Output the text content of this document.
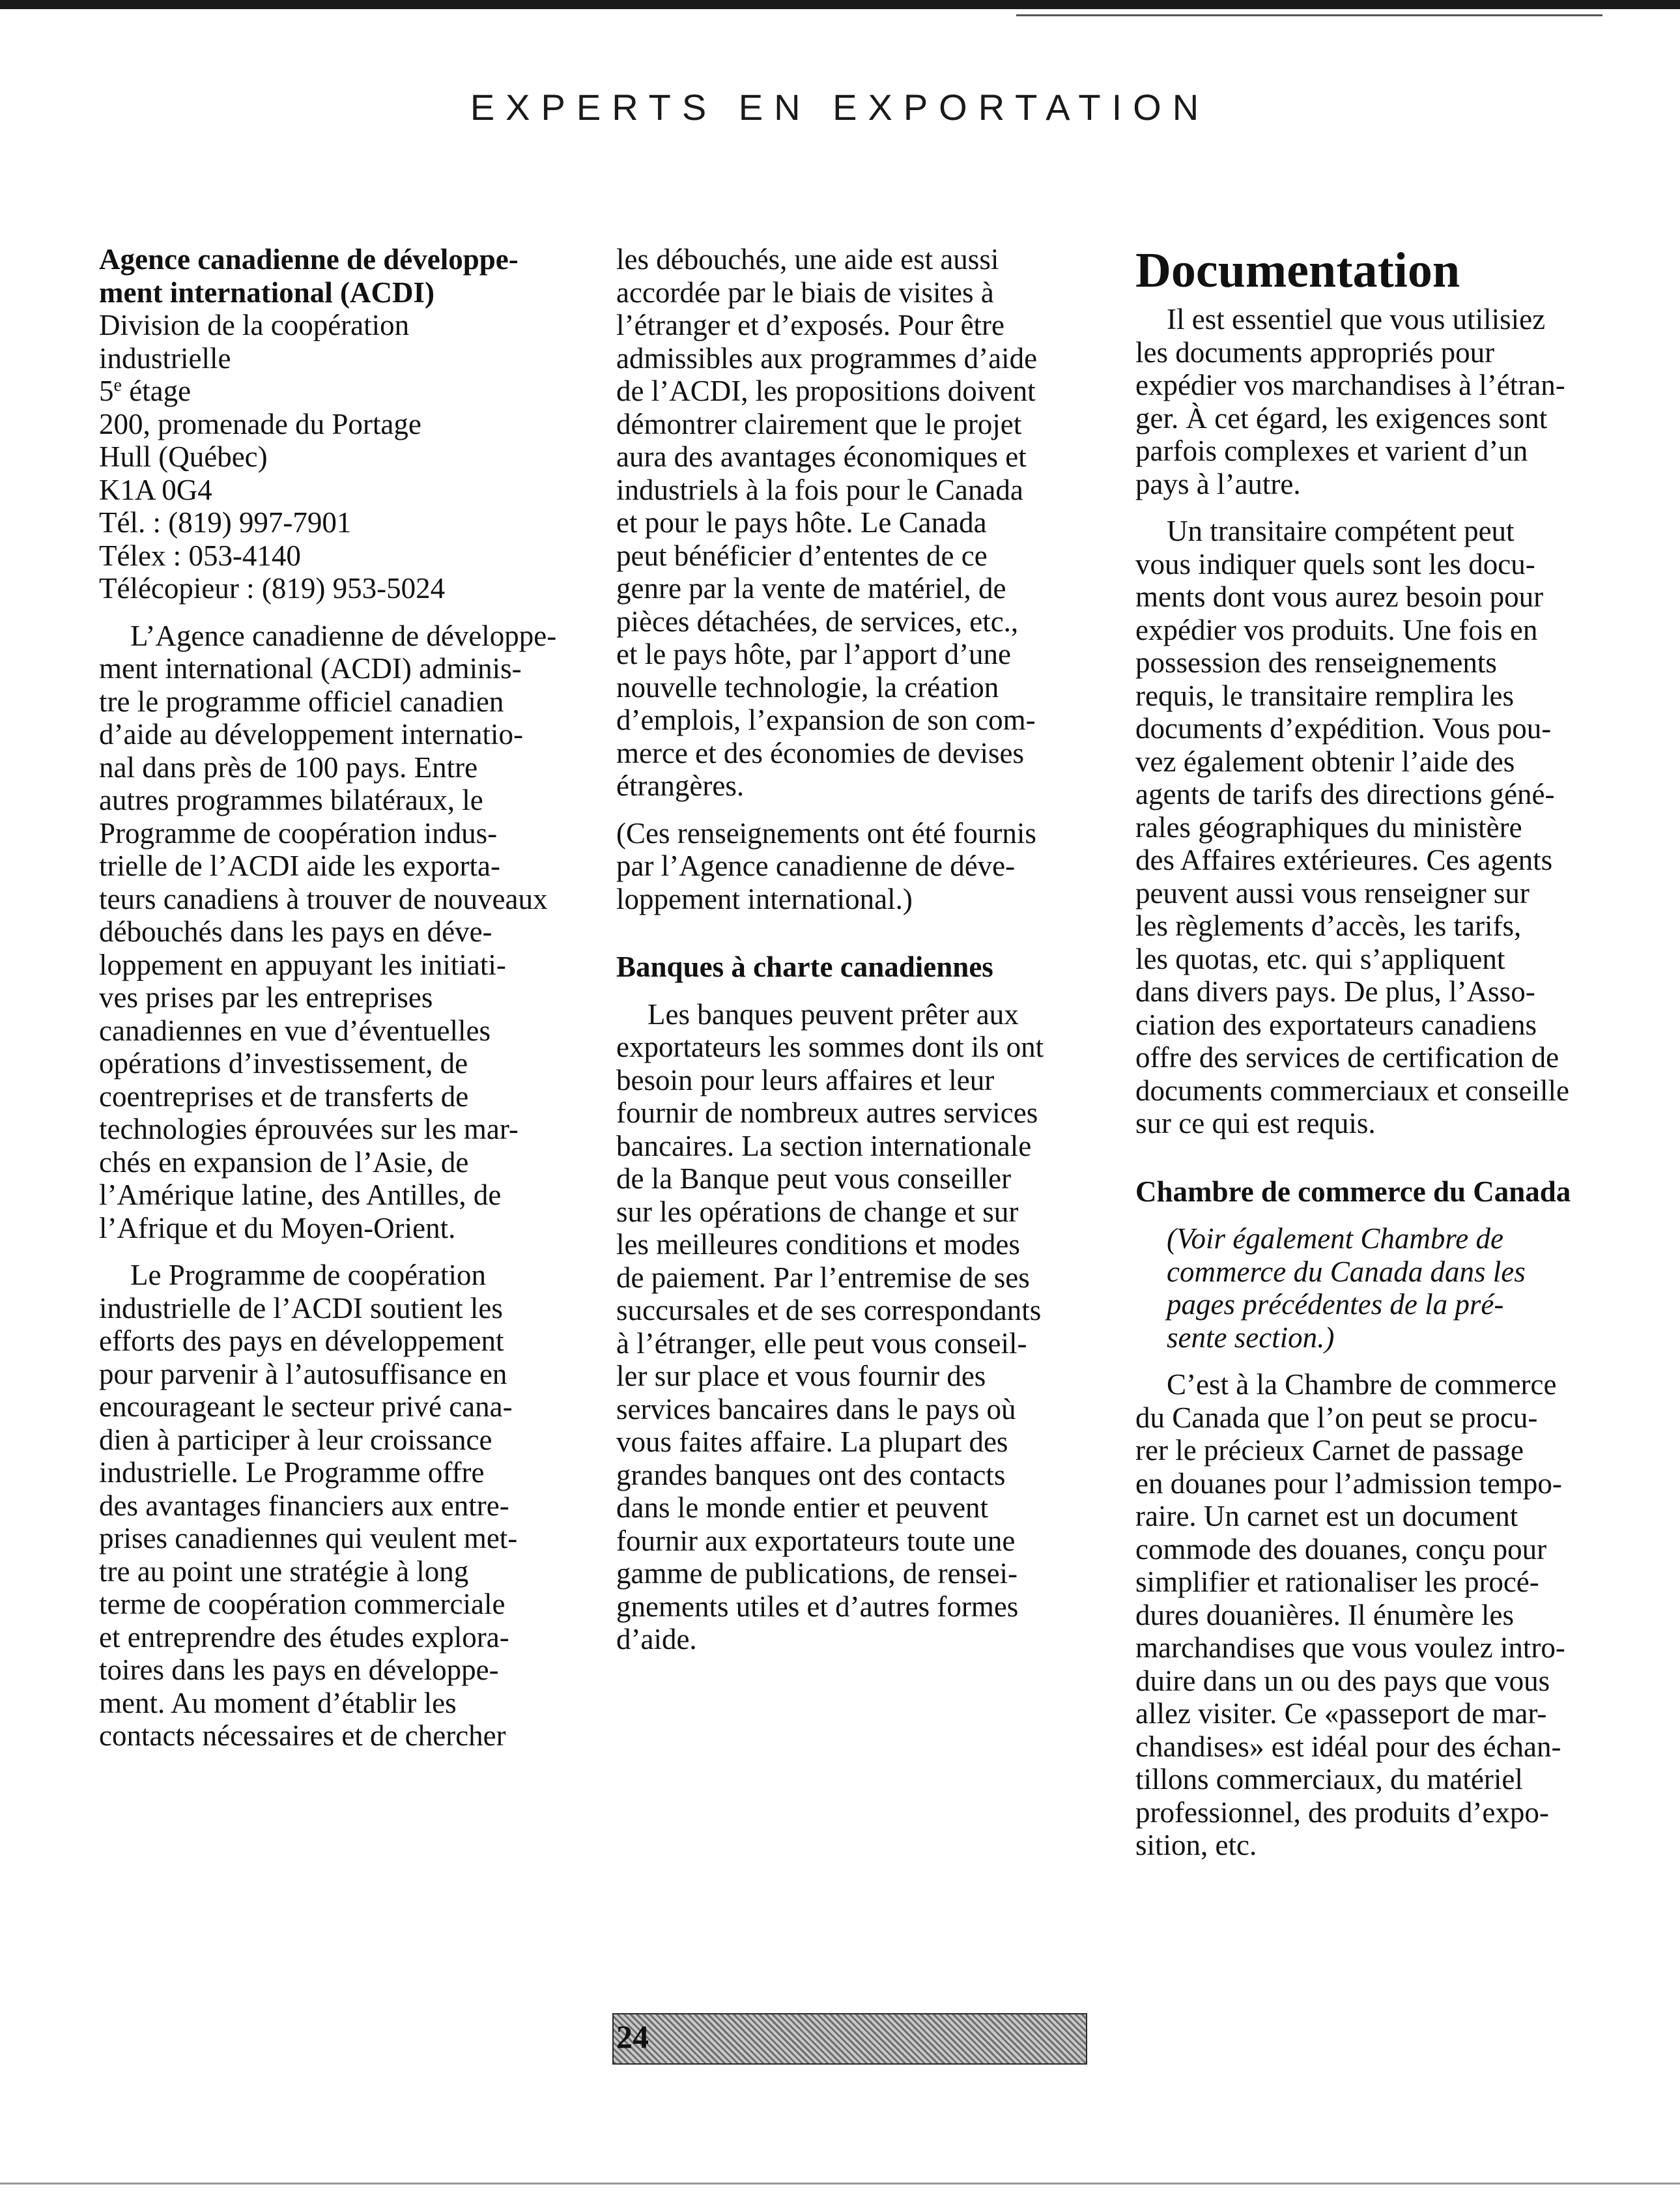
EXPERTS EN EXPORTATION
Agence canadienne de développe-
ment international (ACDI)
Division de la coopération
industrielle
5e étage
200, promenade du Portage
Hull (Québec)
K1A 0G4
Tél. : (819) 997-7901
Télex : 053-4140
Télécopieur : (819) 953-5024
L’Agence canadienne de développe-
ment international (ACDI) adminis-
tre le programme officiel canadien
d’aide au développement internatio-
nal dans près de 100 pays. Entre
autres programmes bilatéraux, le
Programme de coopération indus-
trielle de l’ACDI aide les exporta-
teurs canadiens à trouver de nouveaux
débouchés dans les pays en déve-
loppement en appuyant les initiati-
ves prises par les entreprises
canadiennes en vue d’éventuelles
opérations d’investissement, de
coentreprises et de transferts de
technologies éprouvées sur les mar-
chés en expansion de l’Asie, de
l’Amérique latine, des Antilles, de
l’Afrique et du Moyen-Orient.
Le Programme de coopération
industrielle de l’ACDI soutient les
efforts des pays en développement
pour parvenir à l’autosuffisance en
encourageant le secteur privé cana-
dien à participer à leur croissance
industrielle. Le Programme offre
des avantages financiers aux entre-
prises canadiennes qui veulent met-
tre au point une stratégie à long
terme de coopération commerciale
et entreprendre des études explora-
toires dans les pays en développe-
ment. Au moment d’établir les
contacts nécessaires et de chercher
les débouchés, une aide est aussi
accordée par le biais de visites à
l’étranger et d’exposés. Pour être
admissibles aux programmes d’aide
de l’ACDI, les propositions doivent
démontrer clairement que le projet
aura des avantages économiques et
industriels à la fois pour le Canada
et pour le pays hôte. Le Canada
peut bénéficier d’ententes de ce
genre par la vente de matériel, de
pièces détachées, de services, etc.,
et le pays hôte, par l’apport d’une
nouvelle technologie, la création
d’emplois, l’expansion de son com-
merce et des économies de devises
étrangères.
(Ces renseignements ont été fournis
par l’Agence canadienne de déve-
loppement international.)
Banques à charte canadiennes
Les banques peuvent prêter aux
exportateurs les sommes dont ils ont
besoin pour leurs affaires et leur
fournir de nombreux autres services
bancaires. La section internationale
de la Banque peut vous conseiller
sur les opérations de change et sur
les meilleures conditions et modes
de paiement. Par l’entremise de ses
succursales et de ses correspondants
à l’étranger, elle peut vous conseil-
ler sur place et vous fournir des
services bancaires dans le pays où
vous faites affaire. La plupart des
grandes banques ont des contacts
dans le monde entier et peuvent
fournir aux exportateurs toute une
gamme de publications, de rensei-
gnements utiles et d’autres formes
d’aide.
Documentation
Il est essentiel que vous utilisiez
les documents appropriés pour
expédier vos marchandises à l’étran-
ger. À cet égard, les exigences sont
parfois complexes et varient d’un
pays à l’autre.
Un transitaire compétent peut
vous indiquer quels sont les docu-
ments dont vous aurez besoin pour
expédier vos produits. Une fois en
possession des renseignements
requis, le transitaire remplira les
documents d’expédition. Vous pou-
vez également obtenir l’aide des
agents de tarifs des directions géné-
rales géographiques du ministère
des Affaires extérieures. Ces agents
peuvent aussi vous renseigner sur
les règlements d’accès, les tarifs,
les quotas, etc. qui s’appliquent
dans divers pays. De plus, l’Asso-
ciation des exportateurs canadiens
offre des services de certification de
documents commerciaux et conseille
sur ce qui est requis.
Chambre de commerce du Canada
(Voir également Chambre de
commerce du Canada dans les
pages précédentes de la pré-
sente section.)
C’est à la Chambre de commerce
du Canada que l’on peut se procu-
rer le précieux Carnet de passage
en douanes pour l’admission tempo-
raire. Un carnet est un document
commode des douanes, conçu pour
simplifier et rationaliser les procé-
dures douanières. Il énumère les
marchandises que vous voulez intro-
duire dans un ou des pays que vous
allez visiter. Ce «passeport de mar-
chandises» est idéal pour des échan-
tillons commerciaux, du matériel
professionnel, des produits d’expo-
sition, etc.
24
